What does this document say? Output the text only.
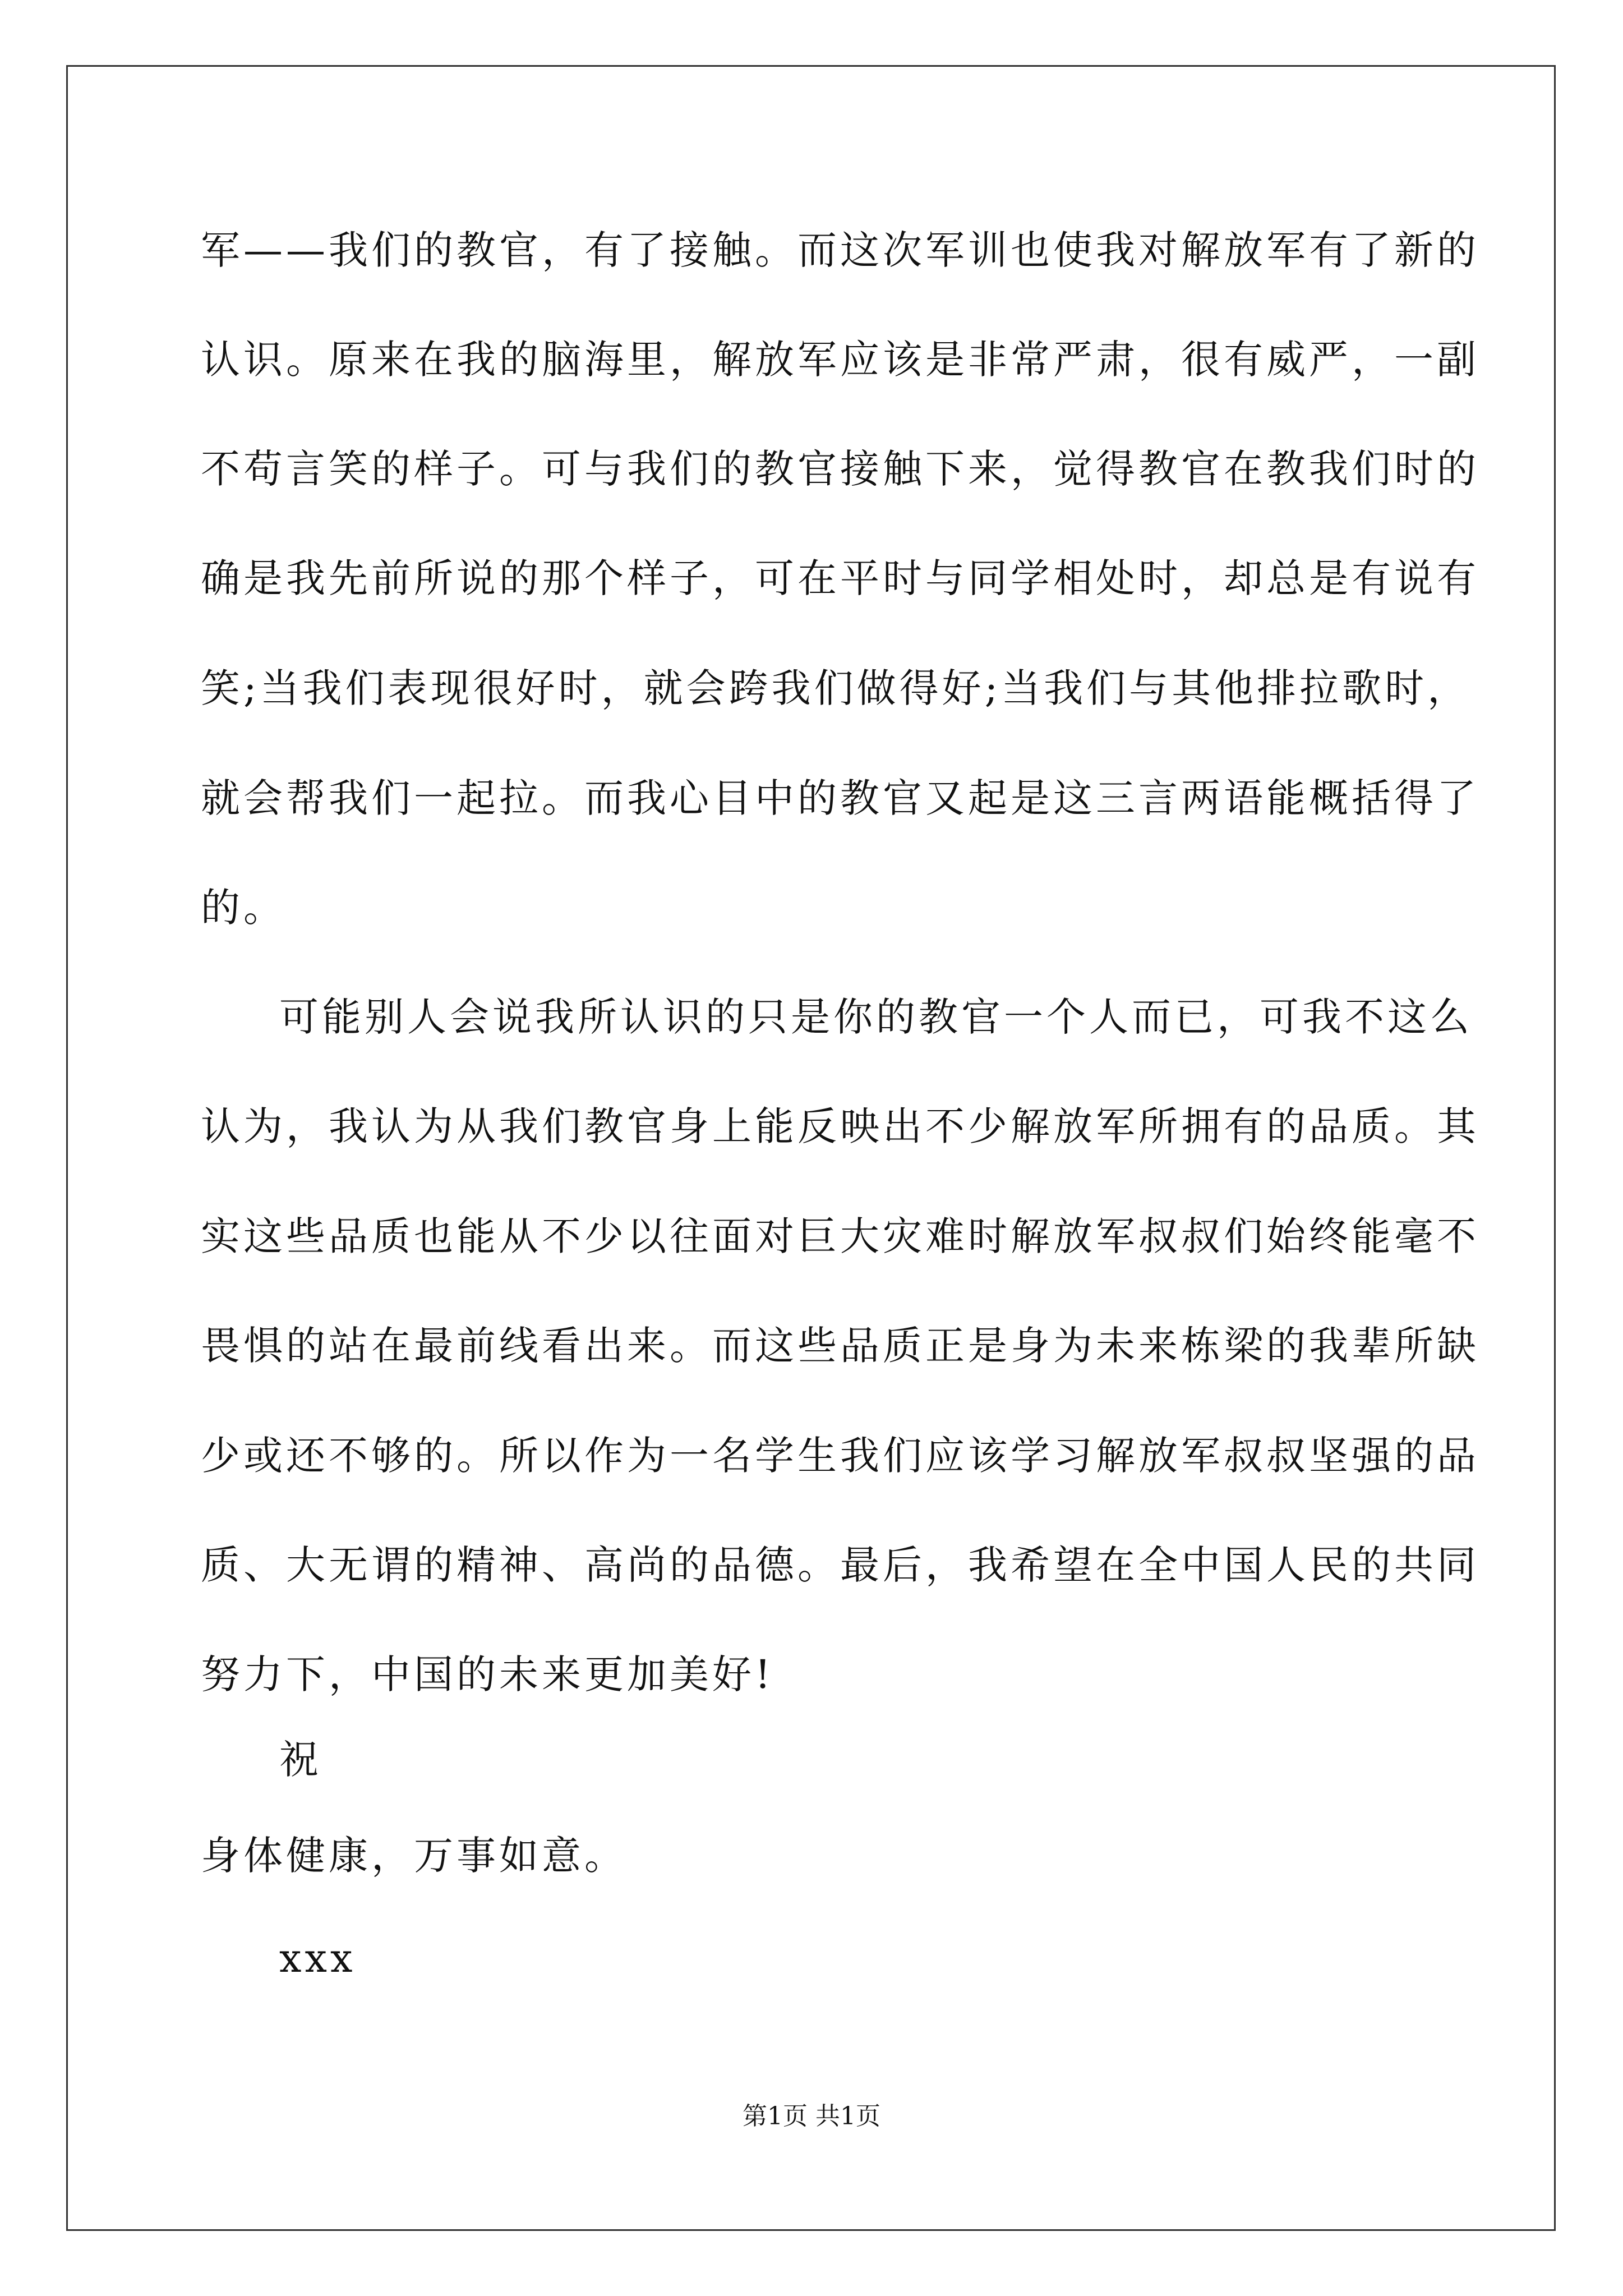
军——我们的教官，有了接触。而这次军训也使我对解放军有了新的
认识。原来在我的脑海里，解放军应该是非常严肃，很有威严，一副
不苟言笑的样子。可与我们的教官接触下来，觉得教官在教我们时的
确是我先前所说的那个样子，可在平时与同学相处时，却总是有说有
笑;当我们表现很好时，就会跨我们做得好;当我们与其他排拉歌时，
就会帮我们一起拉。而我心目中的教官又起是这三言两语能概括得了
的。
可能别人会说我所认识的只是你的教官一个人而已，可我不这么
认为，我认为从我们教官身上能反映出不少解放军所拥有的品质。其
实这些品质也能从不少以往面对巨大灾难时解放军叔叔们始终能毫不
畏惧的站在最前线看出来。而这些品质正是身为未来栋梁的我辈所缺
少或还不够的。所以作为一名学生我们应该学习解放军叔叔坚强的品
质、大无谓的精神、高尚的品德。最后，我希望在全中国人民的共同
努力下，中国的未来更加美好!
祝
身体健康，万事如意。
xxx
第1页 共1页
